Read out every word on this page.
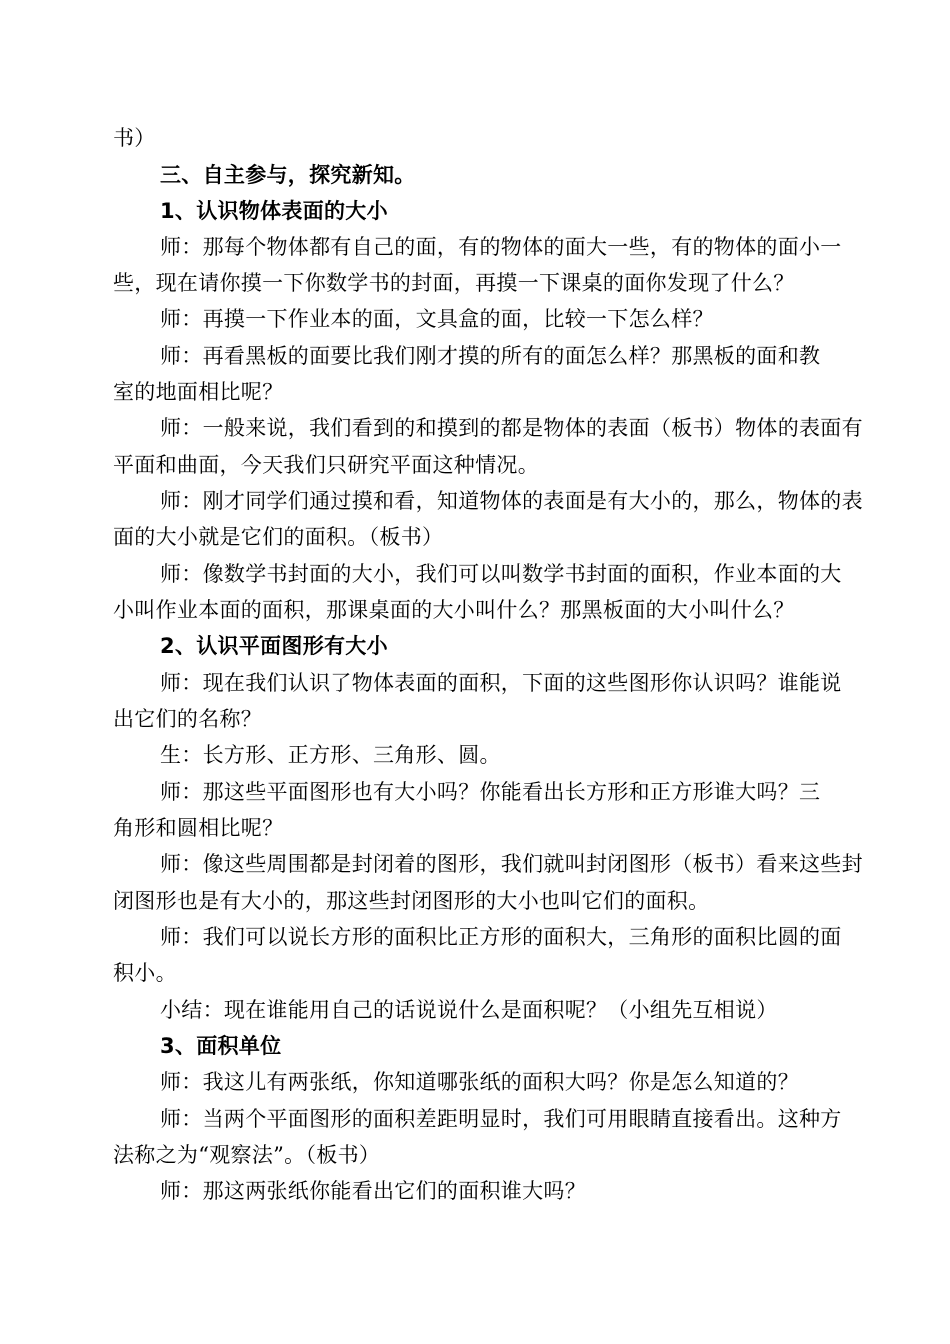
书）
三、自主参与，探究新知。
1、认识物体表面的大小
师：那每个物体都有自己的面，有的物体的面大一些，有的物体的面小一
些，现在请你摸一下你数学书的封面，再摸一下课桌的面你发现了什么？
师：再摸一下作业本的面，文具盒的面，比较一下怎么样？
师：再看黑板的面要比我们刚才摸的所有的面怎么样？那黑板的面和教
室的地面相比呢？
师：一般来说，我们看到的和摸到的都是物体的表面（板书）物体的表面有
平面和曲面，今天我们只研究平面这种情况。
师：刚才同学们通过摸和看，知道物体的表面是有大小的，那么，物体的表
面的大小就是它们的面积。（板书）
师：像数学书封面的大小，我们可以叫数学书封面的面积，作业本面的大
小叫作业本面的面积，那课桌面的大小叫什么？那黑板面的大小叫什么？
2、认识平面图形有大小
师：现在我们认识了物体表面的面积，下面的这些图形你认识吗？谁能说
出它们的名称？
生：长方形、正方形、三角形、圆。
师：那这些平面图形也有大小吗？你能看出长方形和正方形谁大吗？三
角形和圆相比呢？
师：像这些周围都是封闭着的图形，我们就叫封闭图形（板书）看来这些封
闭图形也是有大小的，那这些封闭图形的大小也叫它们的面积。
师：我们可以说长方形的面积比正方形的面积大，三角形的面积比圆的面
积小。
小结：现在谁能用自己的话说说什么是面积呢？（小组先互相说）
3、面积单位
师：我这儿有两张纸，你知道哪张纸的面积大吗？你是怎么知道的？
师：当两个平面图形的面积差距明显时，我们可用眼睛直接看出。这种方
法称之为“观察法”。（板书）
师：那这两张纸你能看出它们的面积谁大吗？
